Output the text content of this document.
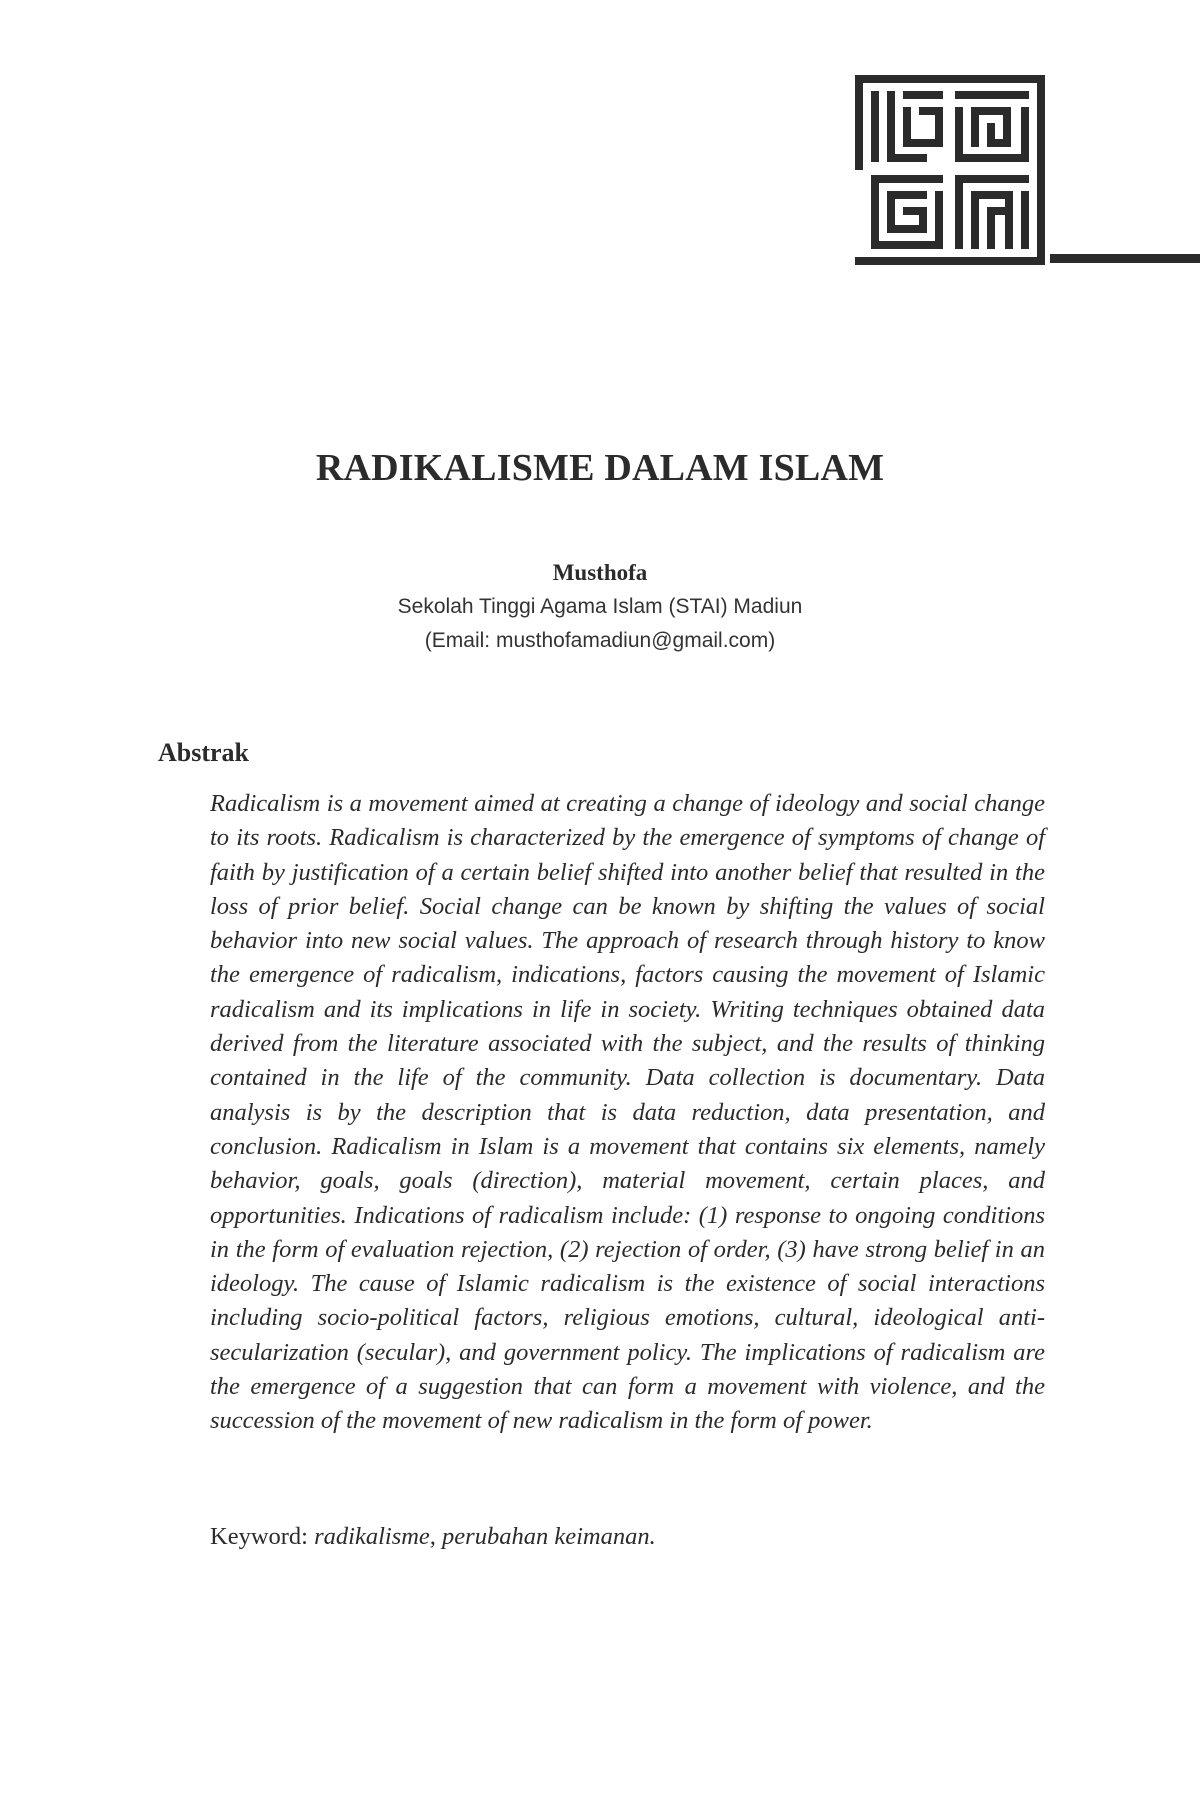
RADIKALISME DALAM ISLAM
Musthofa
Sekolah Tinggi Agama Islam (STAI) Madiun
(Email: musthofamadiun@gmail.com)
Abstrak

Radicalism is a movement aimed at creating a change of ideology and social change to its roots. Radicalism is characterized by the emergence of symptoms of change of faith by justification of a certain belief shifted into another belief that resulted in the loss of prior belief. Social change can be known by shifting the values of social behavior into new social values. The approach of research through history to know the emergence of radicalism, indications, factors causing the movement of Islamic radicalism and its implications in life in society. Writing techniques obtained data derived from the literature associated with the subject, and the results of thinking contained in the life of the community. Data collection is documentary. Data analysis is by the description that is data reduction, data presentation, and conclusion. Radicalism in Islam is a movement that contains six elements, namely behavior, goals, goals (direction), material movement, certain places, and opportunities. Indications of radicalism include: (1) response to ongoing conditions in the form of evaluation rejection, (2) rejection of order, (3) have strong belief in an ideology. The cause of Islamic radicalism is the existence of social interactions including socio-political factors, religious emotions, cultural, ideological anti-secularization (secular), and government policy. The implications of radicalism are the emergence of a suggestion that can form a movement with violence, and the succession of the movement of new radicalism in the form of power.

Keyword: radikalisme, perubahan keimanan.
